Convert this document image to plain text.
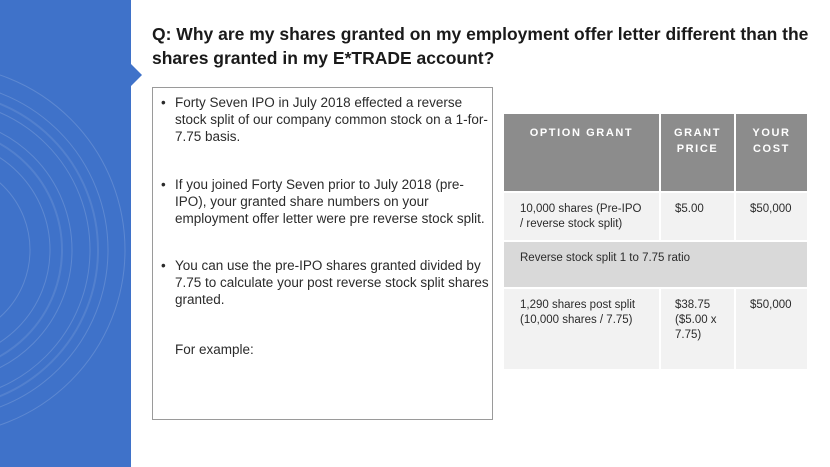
Q: Why are my shares granted on my employment offer letter different than the shares granted in my E*TRADE account?
• Forty Seven IPO in July 2018 effected a reverse stock split of our company common stock on a 1-for-7.75 basis.
• If you joined Forty Seven prior to July 2018 (pre-IPO), your granted share numbers on your employment offer letter were pre reverse stock split.
• You can use the pre-IPO shares granted divided by 7.75 to calculate your post reverse stock split shares granted.
For example:
OPTION GRANT	GRANT PRICE
YOUR COST
10,000 shares (Pre-IPO / reverse stock split)
$5.00	$50,000
Reverse stock split 1 to 7.75 ratio
1,290 shares post split (10,000 shares / 7.75)
$38.75 ($5.00 x 7.75)
$50,000
